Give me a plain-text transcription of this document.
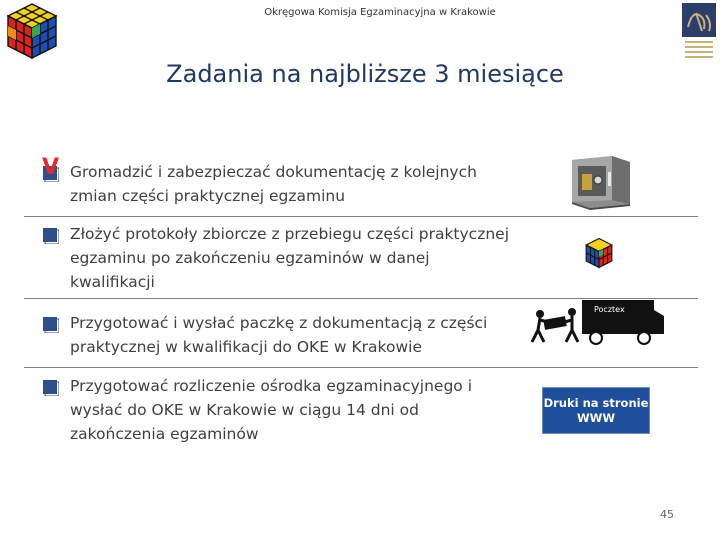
Okręgowa Komisja Egzaminacyjna w Krakowie
Zadania na najbliższe 3 miesiące
V Gromadzić i zabezpieczać dokumentację z kolejnych zmian części praktycznej egzaminu
Złożyć protokoły zbiorcze z przebiegu części praktycznej egzaminu po zakończeniu egzaminów w danej kwalifikacji
Przygotować i wysłać paczkę z dokumentacją z części praktycznej w kwalifikacji do OKE w Krakowie
Pocztex
Przygotować rozliczenie ośrodka egzaminacyjnego i wysłać do OKE w Krakowie w ciągu 14 dni od zakończenia egzaminów
Druki na stronie WWW
45
